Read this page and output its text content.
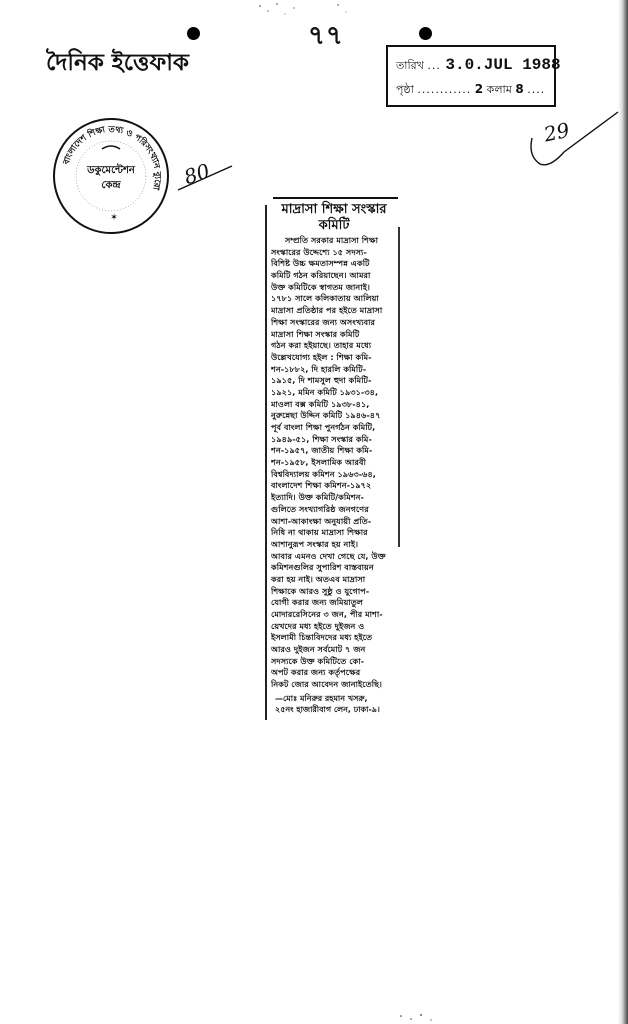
৭৭
দৈনিক ইত্তেফাক	তারিখ ... 3.0.JUL 1988
পৃষ্ঠা ............ 2 কলাম 8 ....
বাংলাদেশ শিক্ষা তথ্য ও পরিসংখ্যান ব্যুরো
ডকুমেন্টেশন
কেন্দ্র
✶
80
29
মাদ্রাসা শিক্ষা সংস্কার কমিটি
সম্প্রতি সরকার মাদ্রাসা শিক্ষা
সংস্কারের উদ্দেশ্যে ১৫ সদস্য-
বিশিষ্ট উচ্চ ক্ষমতাসম্পন্ন একটি
কমিটি গঠন করিয়াছেন। আমরা
উক্ত কমিটিকে স্বাগতম জানাই।
১৭৮১ সালে কলিকাতায় আলিয়া
মাদ্রাসা প্রতিষ্ঠার পর হইতে মাদ্রাসা
শিক্ষা সংস্কারের জন্য অসংখ্যবার
মাদ্রাসা শিক্ষা সংস্কার কমিটি
গঠন করা হইয়াছে। তাহার মধ্যে
উল্লেখযোগ্য হইল : শিক্ষা কমি-
শন-১৮৮২, দি হারলি কমিটি-
১৯১৫, দি শামসুল হুদা কমিটি-
১৯২১, মমিন কমিটি ১৯৩১-৩৪,
মাওলা বক্স কমিটি ১৯৩৮-৪১,
নুরুন্নেছা উদ্দিন কমিটি ১৯৪৬-৪৭
পূর্ব বাংলা শিক্ষা পুনর্গঠন কমিটি,
১৯৪৯-৫১, শিক্ষা সংস্কার কমি-
শন-১৯৫৭, জাতীয় শিক্ষা কমি-
শন-১৯৫৮, ইসলামিক আরবী
বিশ্ববিদ্যালয় কমিশন ১৯৬৩-৬৪,
বাংলাদেশ শিক্ষা কমিশন-১৯৭২
ইত্যাদি। উক্ত কমিটি/কমিশন-
গুলিতে সংখ্যাগরিষ্ঠ জনগণের
আশা-আকাংক্ষা অনুযায়ী প্রতি-
নিধি না থাকায় মাদ্রাসা শিক্ষার
আশানুরূপ সংস্কার হয় নাই।
আবার এমনও দেখা গেছে যে, উক্ত
কমিশনগুলির সুপারিশ বাস্তবায়ন
করা হয় নাই। অতএব মাদ্রাসা
শিক্ষাকে আরও সুষ্ঠু ও যুগোপ-
যোগী করার জন্য জমিয়াতুল
মোদাররেসিনের ৩ জন, পীর মাশা-
য়েখদের মধ্য হইতে দুইজন ও
ইসলামী চিন্তাবিদদের মধ্য হইতে
আরও দুইজন সর্বমোট ৭ জন
সদস্যকে উক্ত কমিটিতে কো-
অপট করার জন্য কর্তৃপক্ষের
নিকট জোর আবেদন জানাইতেছি।
—মোঃ মনিরুর রহমান খসরু,
২৫নং হাজারীবাগ লেন, ঢাকা-৯।
